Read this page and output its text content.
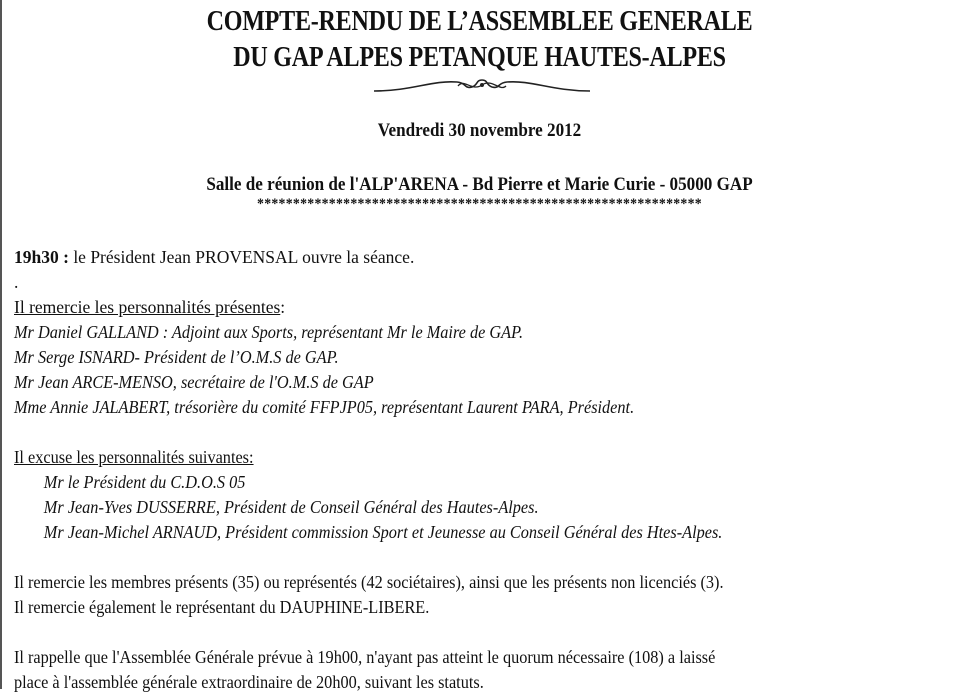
COMPTE-RENDU DE L’ASSEMBLEE GENERALE
DU GAP ALPES PETANQUE HAUTES-ALPES
Vendredi 30 novembre 2012
Salle de réunion de l'ALP'ARENA - Bd Pierre et Marie Curie - 05000 GAP
**************************************************************
19h30 : le Président Jean PROVENSAL ouvre la séance.
.
Il remercie les personnalités présentes:
Mr Daniel GALLAND : Adjoint aux Sports, représentant Mr le Maire de GAP.
Mr Serge ISNARD- Président de l’O.M.S de GAP.
Mr Jean ARCE-MENSO, secrétaire de l'O.M.S de GAP
Mme Annie JALABERT, trésorière du comité FFPJP05, représentant Laurent PARA, Président.
Il excuse les personnalités suivantes:
Mr le Président du C.D.O.S 05
Mr Jean-Yves DUSSERRE, Président de Conseil Général des Hautes-Alpes.
Mr Jean-Michel ARNAUD, Président commission Sport et Jeunesse au Conseil Général des Htes-Alpes.
Il remercie les membres présents (35) ou représentés (42 sociétaires), ainsi que les présents non licenciés (3).
Il remercie également le représentant du DAUPHINE-LIBERE.
Il rappelle que l'Assemblée Générale prévue à 19h00, n'ayant pas atteint le quorum nécessaire (108) a laissé
place à l'assemblée générale extraordinaire de 20h00, suivant les statuts.
